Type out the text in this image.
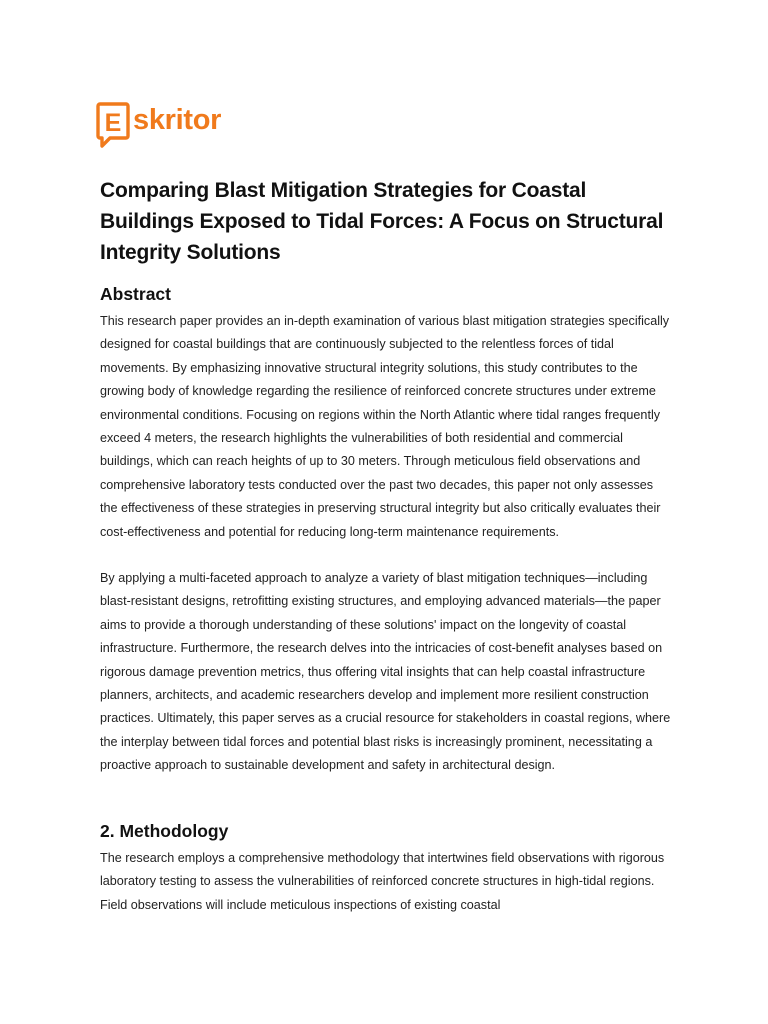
E skritor
Comparing Blast Mitigation Strategies for Coastal Buildings Exposed to Tidal Forces: A Focus on Structural Integrity Solutions
Abstract

This research paper provides an in-depth examination of various blast mitigation strategies specifically designed for coastal buildings that are continuously subjected to the relentless forces of tidal movements. By emphasizing innovative structural integrity solutions, this study contributes to the growing body of knowledge regarding the resilience of reinforced concrete structures under extreme environmental conditions. Focusing on regions within the North Atlantic where tidal ranges frequently exceed 4 meters, the research highlights the vulnerabilities of both residential and commercial buildings, which can reach heights of up to 30 meters. Through meticulous field observations and comprehensive laboratory tests conducted over the past two decades, this paper not only assesses the effectiveness of these strategies in preserving structural integrity but also critically evaluates their cost-effectiveness and potential for reducing long-term maintenance requirements.

By applying a multi-faceted approach to analyze a variety of blast mitigation techniques—including blast-resistant designs, retrofitting existing structures, and employing advanced materials—the paper aims to provide a thorough understanding of these solutions' impact on the longevity of coastal infrastructure. Furthermore, the research delves into the intricacies of cost-benefit analyses based on rigorous damage prevention metrics, thus offering vital insights that can help coastal infrastructure planners, architects, and academic researchers develop and implement more resilient construction practices. Ultimately, this paper serves as a crucial resource for stakeholders in coastal regions, where the interplay between tidal forces and potential blast risks is increasingly prominent, necessitating a proactive approach to sustainable development and safety in architectural design.

2. Methodology

The research employs a comprehensive methodology that intertwines field observations with rigorous laboratory testing to assess the vulnerabilities of reinforced concrete structures in high-tidal regions. Field observations will include meticulous inspections of existing coastal
